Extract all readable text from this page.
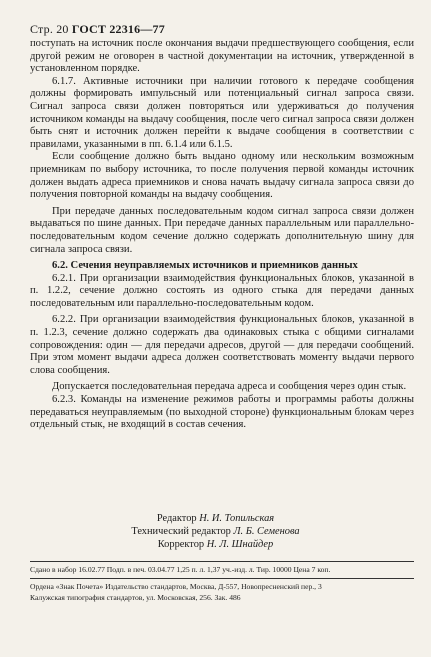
Стр. 20 ГОСТ 22316—77

поступать на источник после окончания выдачи предшествующего сообщения, если другой режим не оговорен в частной документации на источник, утвержденной в установленном порядке.

6.1.7. Активные источники при наличии готового к передаче сообщения должны формировать импульсный или потенциальный сигнал запроса связи. Сигнал запроса связи должен повторяться или удерживаться до получения источником команды на выдачу сообщения, после чего сигнал запроса связи должен быть снят и источник должен перейти к выдаче сообщения в соответствии с правилами, указанными в пп. 6.1.4 или 6.1.5.

Если сообщение должно быть выдано одному или нескольким возможным приемникам по выбору источника, то после получения первой команды источник должен выдать адреса приемников и снова начать выдачу сигнала запроса связи до получения повторной команды на выдачу сообщения.

При передаче данных последовательным кодом сигнал запроса связи должен выдаваться по шине данных. При передаче данных параллельным или параллельно-последовательным кодом сечение должно содержать дополнительную шину для сигнала запроса связи.

6.2. Сечения неуправляемых источников и приемников данных

6.2.1. При организации взаимодействия функциональных блоков, указанной в п. 1.2.2, сечение должно состоять из одного стыка для передачи данных последовательным или параллельно-последовательным кодом.

6.2.2. При организации взаимодействия функциональных блоков, указанной в п. 1.2.3, сечение должно содержать два одинаковых стыка с общими сигналами сопровождения: один — для передачи адресов, другой — для передачи сообщений. При этом момент выдачи адреса должен соответствовать моменту выдачи первого слова сообщения.

Допускается последовательная передача адреса и сообщения через один стык.

6.2.3. Команды на изменение режимов работы и программы работы должны передаваться неуправляемым (по выходной стороне) функциональным блокам через отдельный стык, не входящий в состав сечения.

Редактор Н. И. Топильская
Технический редактор Л. Б. Семенова
Корректор Н. Л. Шнайдер
Сдано в набор 16.02.77 Подп. в печ. 03.04.77 1,25 п. л. 1,37 уч.-изд. л. Тир. 10000 Цена 7 коп.
Ордена «Знак Почета» Издательство стандартов, Москва, Д-557, Новопресненский пер., 3
Калужская типография стандартов, ул. Московская, 256. Зак. 486
